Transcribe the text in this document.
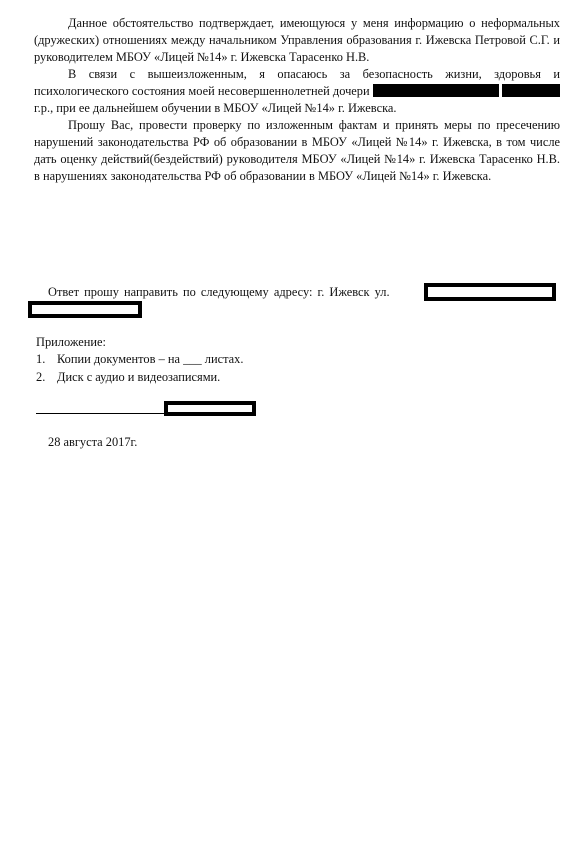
Данное обстоятельство подтверждает, имеющуюся у меня информацию о неформальных (дружеских) отношениях между начальником Управления образования г. Ижевска Петровой С.Г. и руководителем МБОУ «Лицей №14» г. Ижевска Тарасенко Н.В.
В связи с вышеизложенным, я опасаюсь за безопасность жизни, здоровья и психологического состояния моей несовершеннолетней дочери  г.р., при ее дальнейшем обучении в МБОУ «Лицей №14» г. Ижевска.
Прошу Вас, провести проверку по изложенным фактам и принять меры по пресечению нарушений законодательства РФ об образовании в МБОУ «Лицей №14» г. Ижевска, в том числе дать оценку действий(бездействий) руководителя МБОУ «Лицей №14» г. Ижевска Тарасенко Н.В. в нарушениях законодательства РФ об образовании в МБОУ «Лицей №14» г. Ижевска.
Ответ прошу направить по следующему адресу: г. Ижевск ул.
Приложение:
1. Копии документов – на ___ листах.
2. Диск с аудио и видеозаписями.
28 августа 2017г.
